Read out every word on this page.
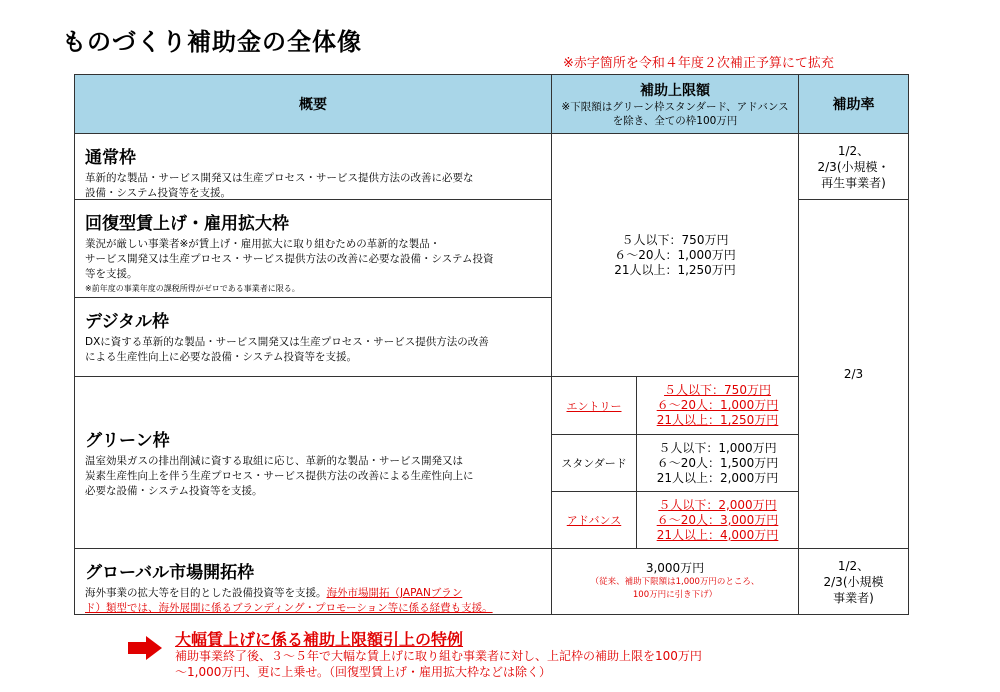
ものづくり補助金の全体像
※赤字箇所を令和４年度２次補正予算にて拡充
概要
補助上限額
※下限額はグリーン枠スタンダード、アドバンス
を除き、全ての枠100万円
補助率
通常枠
革新的な製品・サービス開発又は生産プロセス・サービス提供方法の改善に必要な
設備・システム投資等を支援。
回復型賃上げ・雇用拡大枠
業況が厳しい事業者※が賃上げ・雇用拡大に取り組むための革新的な製品・
サービス開発又は生産プロセス・サービス提供方法の改善に必要な設備・システム投資
等を支援。
※前年度の事業年度の課税所得がゼロである事業者に限る。
デジタル枠
DXに資する革新的な製品・サービス開発又は生産プロセス・サービス提供方法の改善
による生産性向上に必要な設備・システム投資等を支援。
グリーン枠
温室効果ガスの排出削減に資する取組に応じ、革新的な製品・サービス開発又は
炭素生産性向上を伴う生産プロセス・サービス提供方法の改善による生産性向上に
必要な設備・システム投資等を支援。
グローバル市場開拓枠
海外事業の拡大等を目的とした設備投資等を支援。海外市場開拓（JAPANブラン
ド）類型では、海外展開に係るブランディング・プロモーション等に係る経費も支援。
５人以下：750万円
６～20人：1,000万円
21人以上：1,250万円
エントリー
５人以下：750万円
６～20人：1,000万円
21人以上：1,250万円
スタンダード
５人以下：1,000万円
６～20人：1,500万円
21人以上：2,000万円
アドバンス
５人以下：2,000万円
６～20人：3,000万円
21人以上：4,000万円
3,000万円
（従来、補助下限額は1,000万円のところ、
100万円に引き下げ）
1/2、
2/3(小規模・
再生事業者)
2/3
1/2、
2/3(小規模
事業者)
大幅賃上げに係る補助上限額引上の特例
補助事業終了後、３～５年で大幅な賃上げに取り組む事業者に対し、上記枠の補助上限を100万円
～1,000万円、更に上乗せ。（回復型賃上げ・雇用拡大枠などは除く）
